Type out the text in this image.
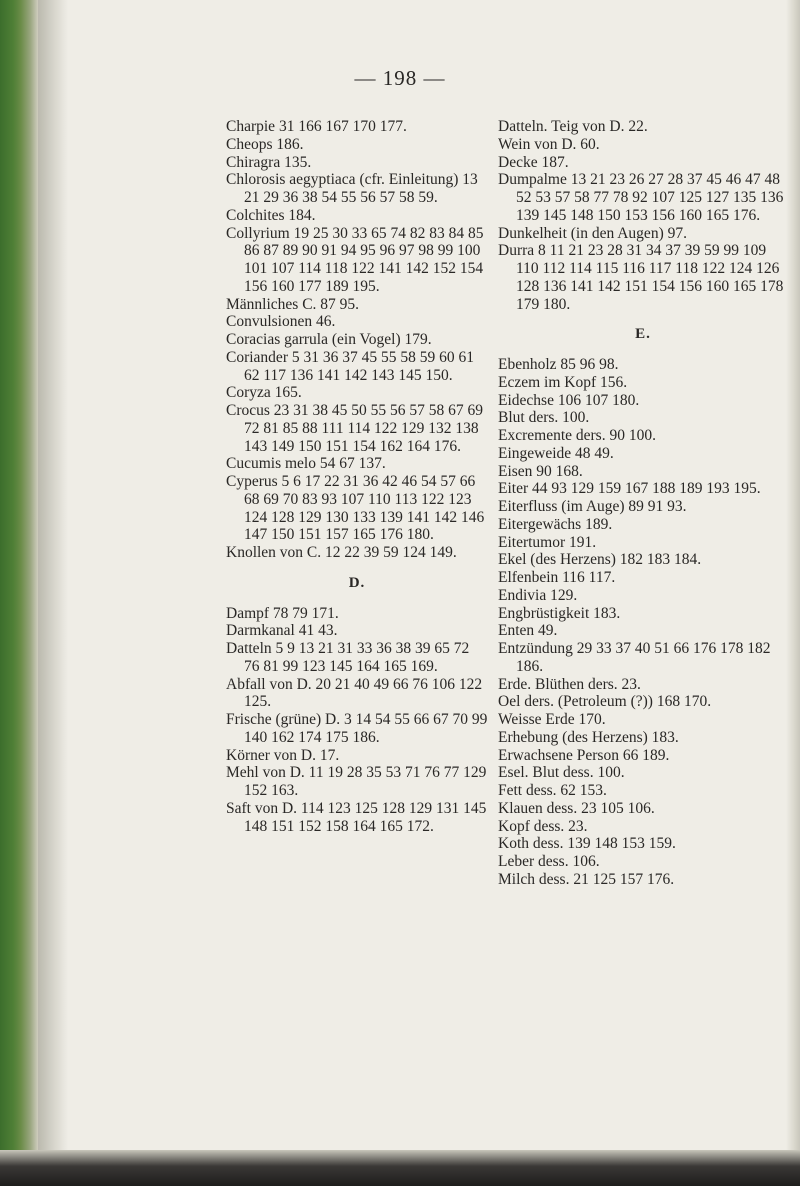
— 198 —
Charpie 31 166 167 170 177.
Cheops 186.
Chiragra 135.
Chlorosis aegyptiaca (cfr. Einleitung) 13 21 29 36 38 54 55 56 57 58 59.
Colchites 184.
Collyrium 19 25 30 33 65 74 82 83 84 85 86 87 89 90 91 94 95 96 97 98 99 100 101 107 114 118 122 141 142 152 154 156 160 177 189 195.
Männliches C. 87 95.
Convulsionen 46.
Coracias garrula (ein Vogel) 179.
Coriander 5 31 36 37 45 55 58 59 60 61 62 117 136 141 142 143 145 150.
Coryza 165.
Crocus 23 31 38 45 50 55 56 57 58 67 69 72 81 85 88 111 114 122 129 132 138 143 149 150 151 154 162 164 176.
Cucumis melo 54 67 137.
Cyperus 5 6 17 22 31 36 42 46 54 57 66 68 69 70 83 93 107 110 113 122 123 124 128 129 130 133 139 141 142 146 147 150 151 157 165 176 180.
Knollen von C. 12 22 39 59 124 149.
D.
Dampf 78 79 171.
Darmkanal 41 43.
Datteln 5 9 13 21 31 33 36 38 39 65 72 76 81 99 123 145 164 165 169.
Abfall von D. 20 21 40 49 66 76 106 122 125.
Frische (grüne) D. 3 14 54 55 66 67 70 99 140 162 174 175 186.
Körner von D. 17.
Mehl von D. 11 19 28 35 53 71 76 77 129 152 163.
Saft von D. 114 123 125 128 129 131 145 148 151 152 158 164 165 172.
Datteln. Teig von D. 22.
Wein von D. 60.
Decke 187.
Dumpalme 13 21 23 26 27 28 37 45 46 47 48 52 53 57 58 77 78 92 107 125 127 135 136 139 145 148 150 153 156 160 165 176.
Dunkelheit (in den Augen) 97.
Durra 8 11 21 23 28 31 34 37 39 59 99 109 110 112 114 115 116 117 118 122 124 126 128 136 141 142 151 154 156 160 165 178 179 180.
E.
Ebenholz 85 96 98.
Eczem im Kopf 156.
Eidechse 106 107 180.
Blut ders. 100.
Excremente ders. 90 100.
Eingeweide 48 49.
Eisen 90 168.
Eiter 44 93 129 159 167 188 189 193 195.
Eiterfluss (im Auge) 89 91 93.
Eitergewächs 189.
Eitertumor 191.
Ekel (des Herzens) 182 183 184.
Elfenbein 116 117.
Endivia 129.
Engbrüstigkeit 183.
Enten 49.
Entzündung 29 33 37 40 51 66 176 178 182 186.
Erde. Blüthen ders. 23.
Oel ders. (Petroleum (?)) 168 170.
Weisse Erde 170.
Erhebung (des Herzens) 183.
Erwachsene Person 66 189.
Esel. Blut dess. 100.
Fett dess. 62 153.
Klauen dess. 23 105 106.
Kopf dess. 23.
Koth dess. 139 148 153 159.
Leber dess. 106.
Milch dess. 21 125 157 176.
